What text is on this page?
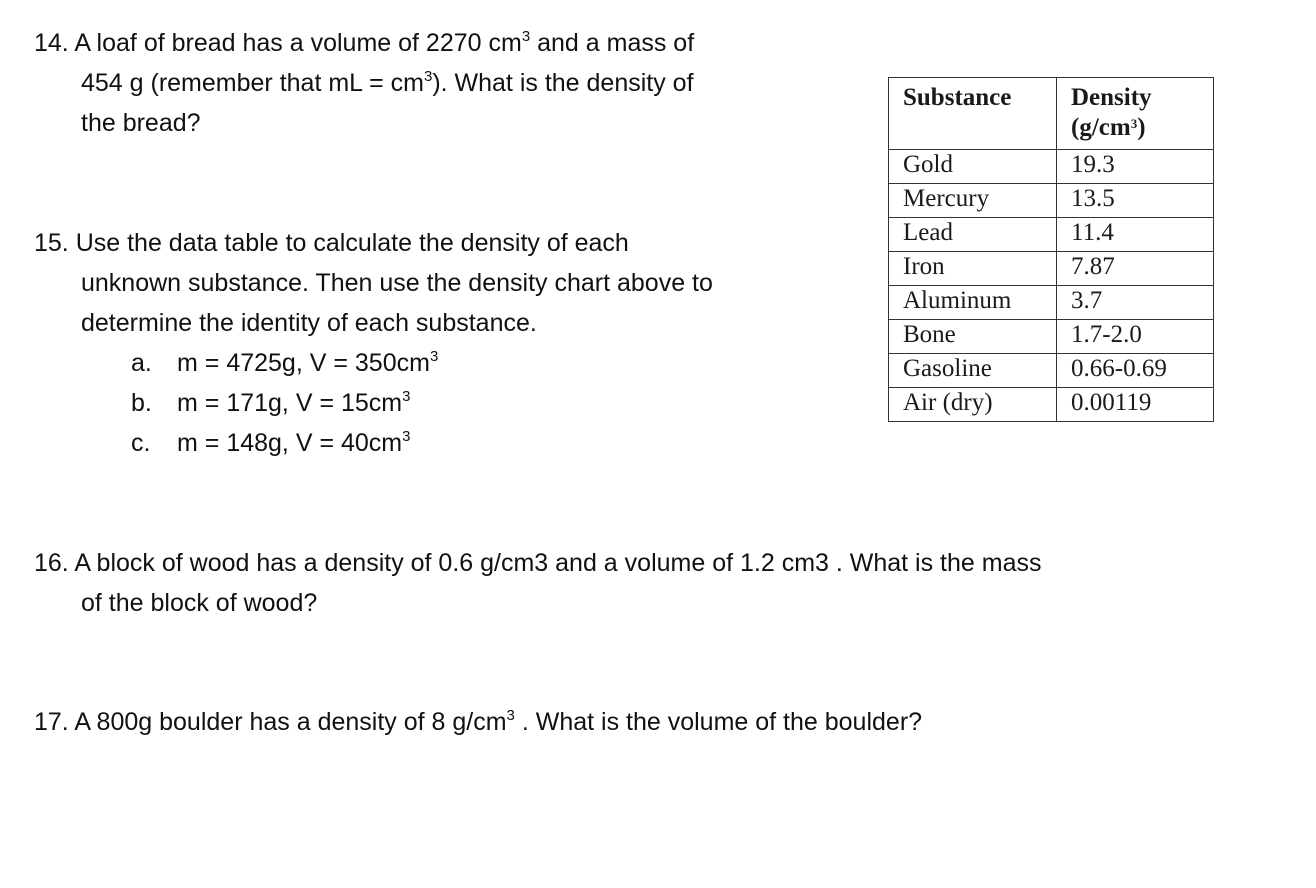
14. A loaf of bread has a volume of 2270 $cm^3$ and a mass of
454 g (remember that mL = $cm^3$). What is the density of
the bread?
15. Use the data table to calculate the density of each
unknown substance. Then use the density chart above to
determine the identity of each substance.
a. m = 4725g, $V = 350cm^3$
b. m = 171g, $V = 15cm^3$
c. m = 148g, $V = 40cm^3$
Substance	Density
$(g/cm^3)$

Gold	19.3
Mercury	13.5
Lead	11.4
Iron	7.87
Aluminum	3.7
Bone	1.7-2.0
Gasoline	0.66-0.69
Air (dry)	0.00119
16. A block of wood has a density of 0.6 g/cm3 and a volume of 1.2 cm3 . What is the mass
of the block of wood?
17. A 800g boulder has a density of 8 $g/cm^3$ . What is the volume of the boulder?
